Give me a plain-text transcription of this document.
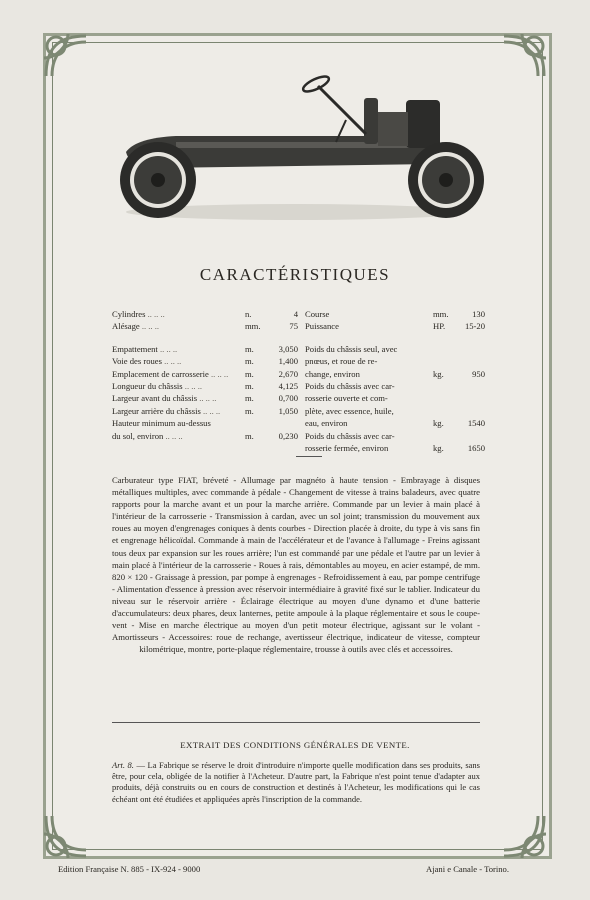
CARACTÉRISTIQUES
Cylindres .. .. ..	n.	4
Alésage .. .. ..	mm.	75
Empattement .. .. ..	m.	3,050
Voie des roues .. .. ..	m.	1,400
Emplacement de carrosserie .. .. .. m.	2,670
Longueur du châssis .. .. ..	m.	4,125
Largeur avant du châssis .. .. ..	m.	0,700
Largeur arrière du châssis .. .. ..	m.	1,050
Hauteur minimum au-dessus
du sol, environ .. .. ..	m.	0,230
Course	mm.	130
Puissance	HP.	15-20
Poids du châssis seul, avec
pnœus, et roue de re-
change, environ	kg.	950
Poids du châssis avec car-
rosserie ouverte et com-
plète, avec essence, huile,
eau, environ	kg.	1540
Poids du châssis avec car-
rosserie fermée, environ	kg.	1650
Carburateur type FIAT, bréveté - Allumage par magnéto à haute tension - Embrayage à disques métalliques multiples, avec commande à pédale - Changement de vitesse à trains baladeurs, avec quatre rapports pour la marche avant et un pour la marche arrière. Commande par un levier à main placé à l'intérieur de la carrosserie - Transmission à cardan, avec un sol joint; transmission du mouvement aux roues au moyen d'engrenages coniques à dents courbes - Direction placée à droite, du type à vis sans fin et engrenage hélicoïdal. Commande à main de l'accélérateur et de l'avance à l'allumage - Freins agissant tous deux par expansion sur les roues arrière; l'un est commandé par une pédale et l'autre par un levier à main placé à l'intérieur de la carrosserie - Roues à rais, démontables au moyeu, en acier estampé, de mm. 820 × 120 - Graissage à pression, par pompe à engrenages - Refroidissement à eau, par pompe centrifuge - Alimentation d'essence à pression avec réservoir intermédiaire à gravité fixé sur le tablier. Indicateur du niveau sur le réservoir arrière - Éclairage électrique au moyen d'une dynamo et d'une batterie d'accumulateurs: deux phares, deux lanternes, petite ampoule à la plaque réglementaire et sous le coupe-vent - Mise en marche électrique au moyen d'un petit moteur électrique, agissant sur le volant - Amortisseurs - Accessoires: roue de rechange, avertisseur électrique, indicateur de vitesse, compteur kilométrique, montre, porte-plaque réglementaire, trousse à outils avec clés et accessoires.
EXTRAIT DES CONDITIONS GÉNÉRALES DE VENTE.
Art. 8. — La Fabrique se réserve le droit d'introduire n'importe quelle modification dans ses produits, sans être, pour cela, obligée de la notifier à l'Acheteur. D'autre part, la Fabrique n'est point tenue d'adapter aux produits, déjà construits ou en cours de construction et destinés à l'Acheteur, les modifications qui le cas échéant ont été étudiées et appliquées après l'inscription de la commande.
Edition Française N. 885 - IX-924 - 9000	Ajani e Canale - Torino.
